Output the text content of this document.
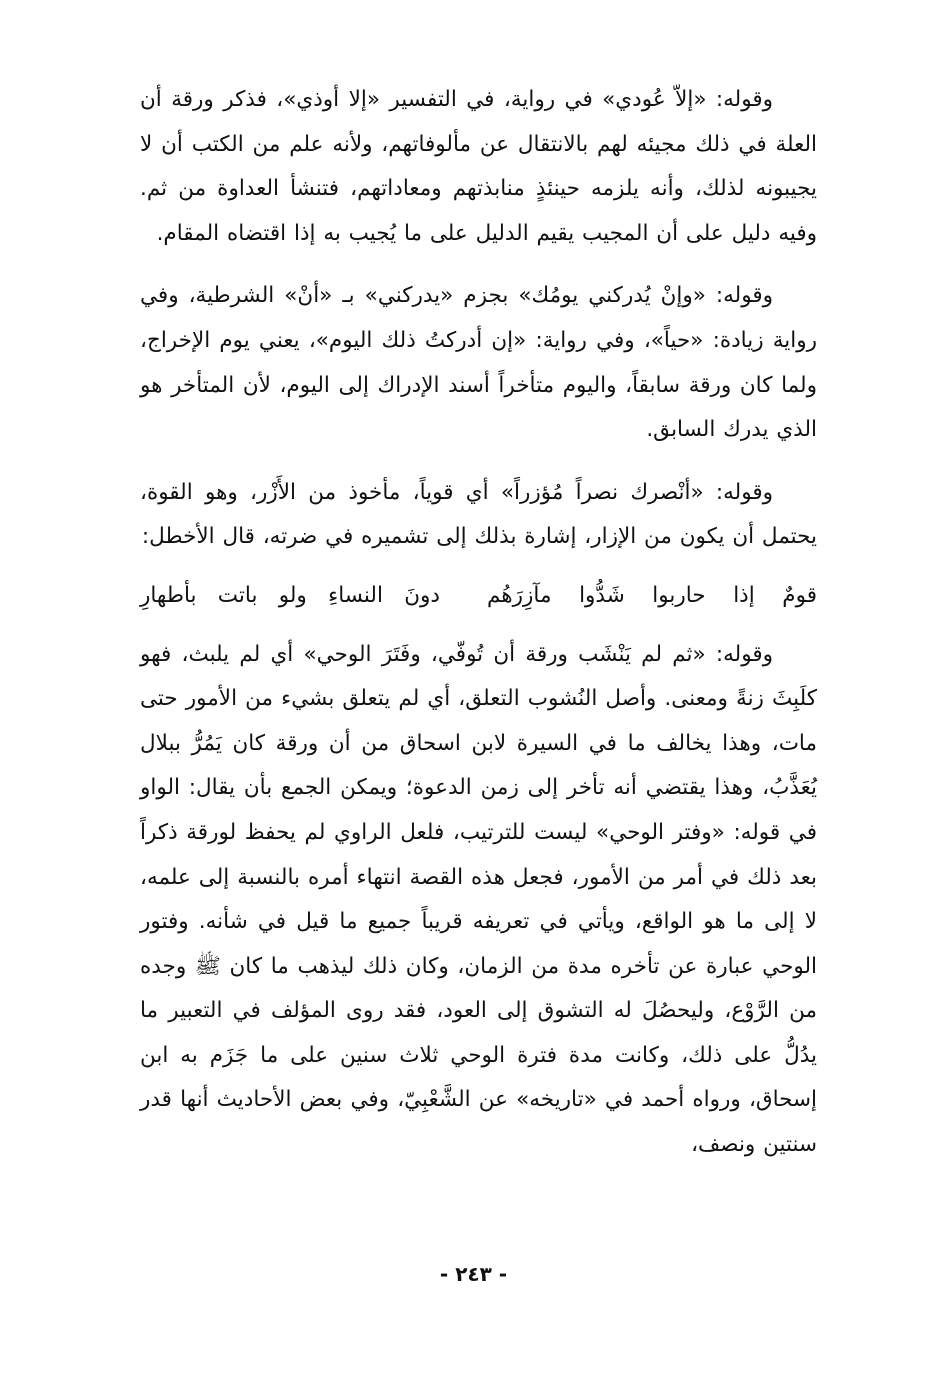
وقوله: «إلاّ عُودي» في رواية، في التفسير «إلا أوذي»، فذكر ورقة أن العلة في ذلك مجيئه لهم بالانتقال عن مألوفاتهم، ولأنه علم من الكتب أن لا يجيبونه لذلك، وأنه يلزمه حينئذٍ منابذتهم ومعاداتهم، فتنشأ العداوة من ثم. وفيه دليل على أن المجيب يقيم الدليل على ما يُجيب به إذا اقتضاه المقام.

وقوله: «وإنْ يُدركني يومُك» بجزم «يدركني» بـ «أنْ» الشرطية، وفي رواية زيادة: «حياً»، وفي رواية: «إن أدركتُ ذلك اليوم»، يعني يوم الإخراج، ولما كان ورقة سابقاً، واليوم متأخراً أسند الإدراك إلى اليوم، لأن المتأخر هو الذي يدرك السابق.

وقوله: «أنْصرك نصراً مُؤزراً» أي قوياً، مأخوذ من الأَزْر، وهو القوة، يحتمل أن يكون من الإزار، إشارة بذلك إلى تشميره في ضرته، قال الأخطل:

قومٌ إذا حاربوا شَدُّوا مآزِرَهُم
دونَ النساءِ ولو باتت بأطهارِ

وقوله: «ثم لم يَنْشَب ورقة أن تُوفّي، وفَتَرَ الوحي» أي لم يلبث، فهو كلَبِثَ زنةً ومعنى. وأصل النُشوب التعلق، أي لم يتعلق بشيء من الأمور حتى مات، وهذا يخالف ما في السيرة لابن اسحاق من أن ورقة كان يَمُرُّ ببلال يُعَذَّبُ، وهذا يقتضي أنه تأخر إلى زمن الدعوة؛ ويمكن الجمع بأن يقال: الواو في قوله: «وفتر الوحي» ليست للترتيب، فلعل الراوي لم يحفظ لورقة ذكراً بعد ذلك في أمر من الأمور، فجعل هذه القصة انتهاء أمره بالنسبة إلى علمه، لا إلى ما هو الواقع، ويأتي في تعريفه قريباً جميع ما قيل في شأنه. وفتور الوحي عبارة عن تأخره مدة من الزمان، وكان ذلك ليذهب ما كان ﷺ وجده من الرَّوْع، وليحصُلَ له التشوق إلى العود، فقد روى المؤلف في التعبير ما يدُلُّ على ذلك، وكانت مدة فترة الوحي ثلاث سنين على ما جَزَم به ابن إسحاق، ورواه أحمد في «تاريخه» عن الشَّعْبِيّ، وفي بعض الأحاديث أنها قدر سنتين ونصف،

- ٢٤٣ -
